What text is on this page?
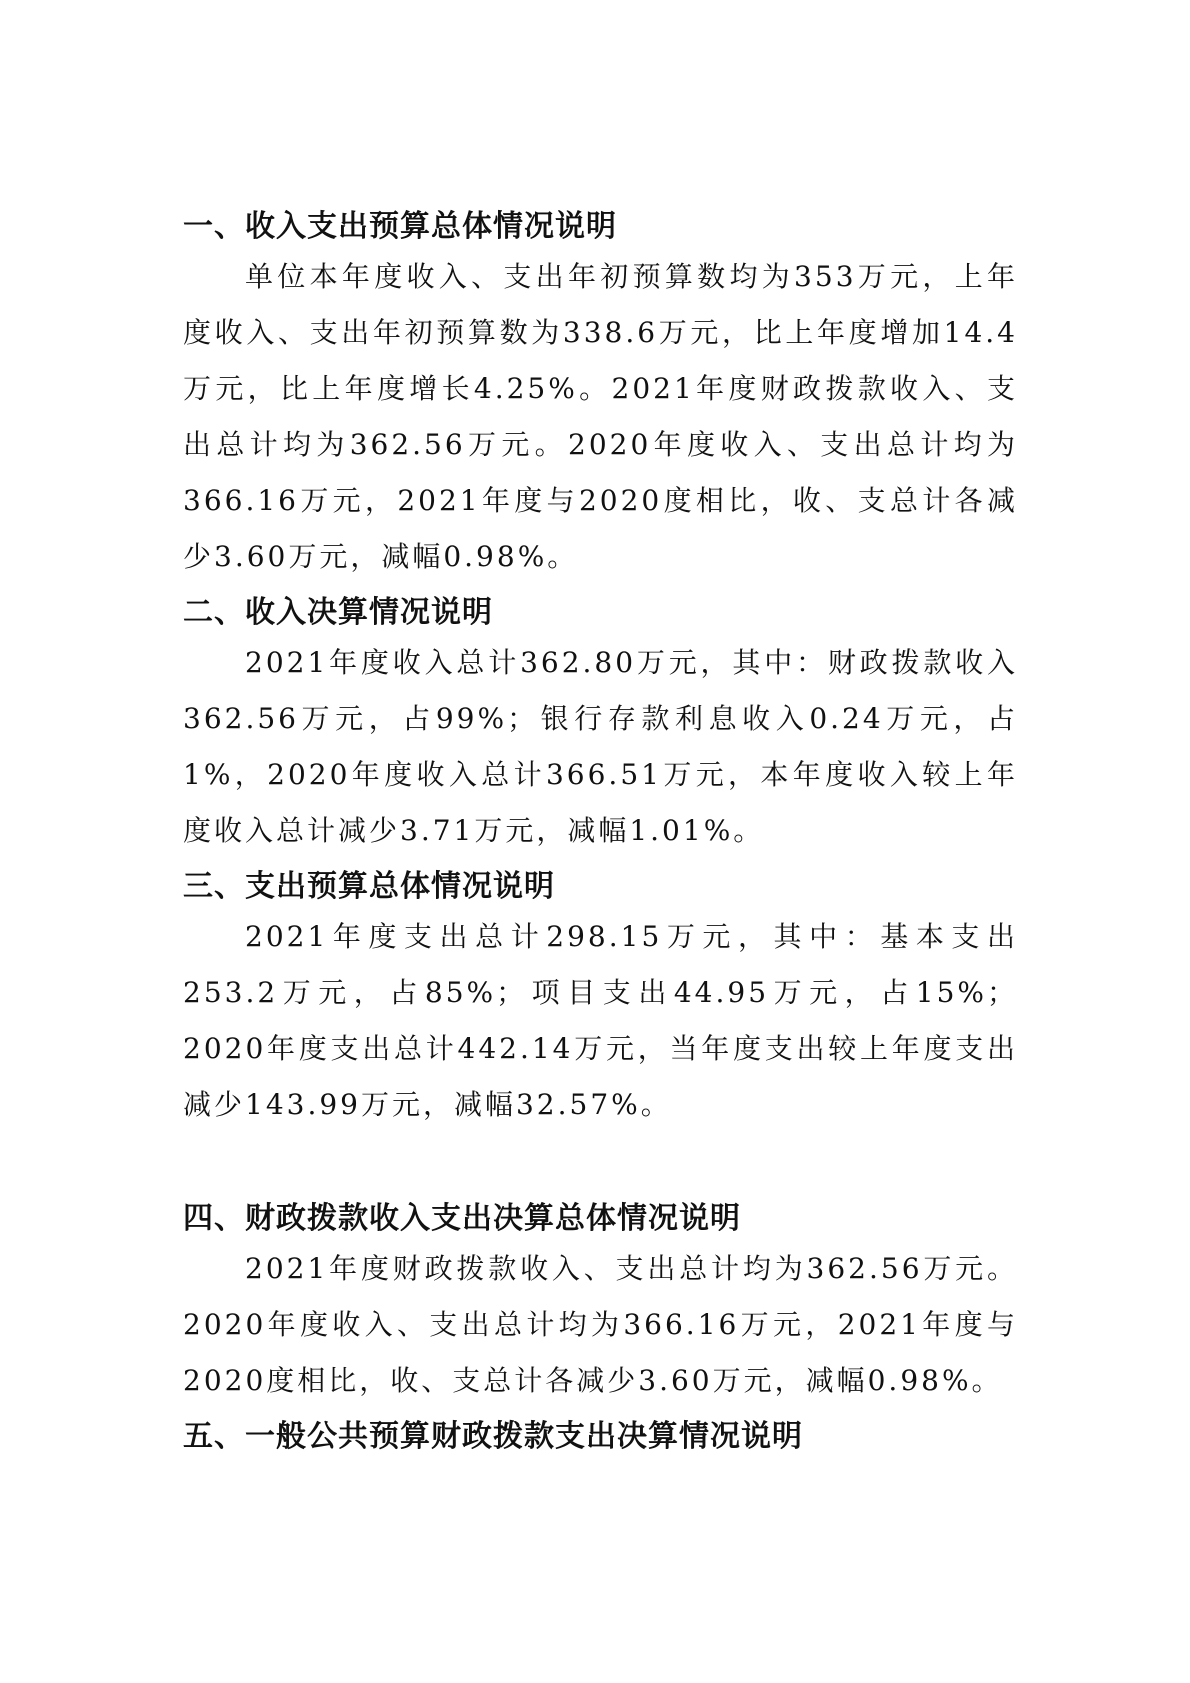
一、收入支出预算总体情况说明

单位本年度收入、支出年初预算数均为353万元，上年度收入、支出年初预算数为338.6万元，比上年度增加14.4万元，比上年度增长4.25%。2021年度财政拨款收入、支出总计均为362.56万元。2020年度收入、支出总计均为366.16万元，2021年度与2020度相比，收、支总计各减少3.60万元，减幅0.98%。

二、收入决算情况说明

2021年度收入总计362.80万元，其中：财政拨款收入362.56万元，占99%；银行存款利息收入0.24万元，占1%，2020年度收入总计366.51万元，本年度收入较上年度收入总计减少3.71万元，减幅1.01%。

三、支出预算总体情况说明

2021年度支出总计298.15万元，其中：基本支出253.2万元，占85%；项目支出44.95万元，占15%；2020年度支出总计442.14万元，当年度支出较上年度支出减少143.99万元，减幅32.57%。

四、财政拨款收入支出决算总体情况说明

2021年度财政拨款收入、支出总计均为362.56万元。2020年度收入、支出总计均为366.16万元，2021年度与2020度相比，收、支总计各减少3.60万元，减幅0.98%。

五、一般公共预算财政拨款支出决算情况说明
